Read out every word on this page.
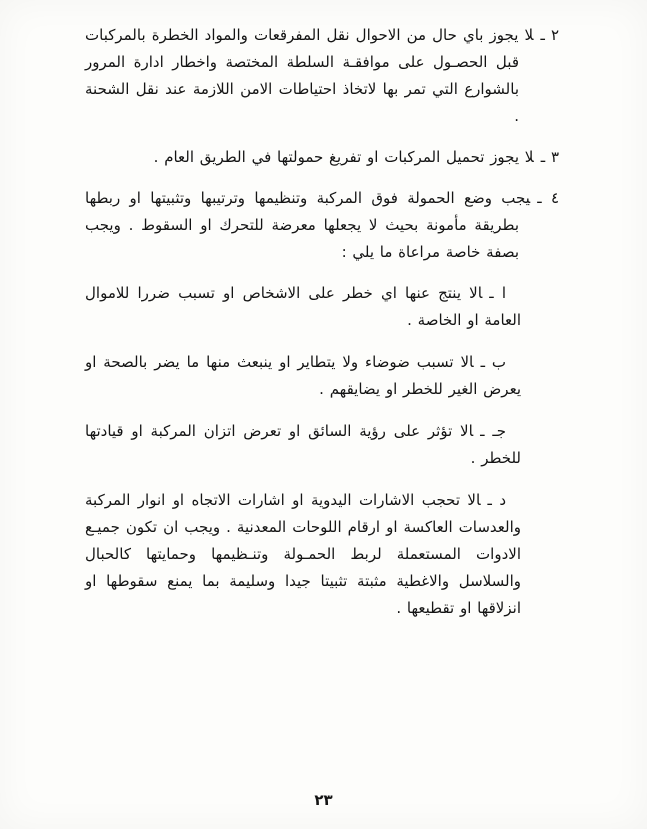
٢ ـلا يجوز باي حال من الاحوال نقل المفرقعات والمواد الخطرة بالمركبات قبل الحصـول على موافقـة السلطة المختصة واخطار ادارة المرور بالشوارع التي تمر بها لاتخاذ احتياطات الامن اللازمة عند نقل الشحنة .

٣ ـلا يجوز تحميل المركبات او تفريغ حمولتها في الطريق العام .

٤ ـيجب وضع الحمولة فوق المركبة وتنظيمها وترتيبها وتثبيتها او ربطها بطريقة مأمونة بحيث لا يجعلها معرضة للتحرك او السقوط . ويجب بصفة خاصة مراعاة ما يلي :

ا ـالا ينتج عنها اي خطر على الاشخاص او تسبب ضررا للاموال العامة او الخاصة .

ب ـالا تسبب ضوضاء ولا يتطاير او ينبعث منها ما يضر بالصحة او يعرض الغير للخطر او يضايقهم .

جـ ـالا تؤثر على رؤية السائق او تعرض اتزان المركبة او قيادتها للخطر .

د ـالا تحجب الاشارات اليدوية او اشارات الاتجاه او انوار المركبة والعدسات العاكسة او ارقام اللوحات المعدنية . ويجب ان تكون جميـع الادوات المستعملة لربط الحمـولة وتنـظيمها وحمايتها كالحبال والسلاسل والاغطية مثبتة تثبيتا جيدا وسليمة بما يمنع سقوطها او انزلاقها او تقطيعها .

٢٣
